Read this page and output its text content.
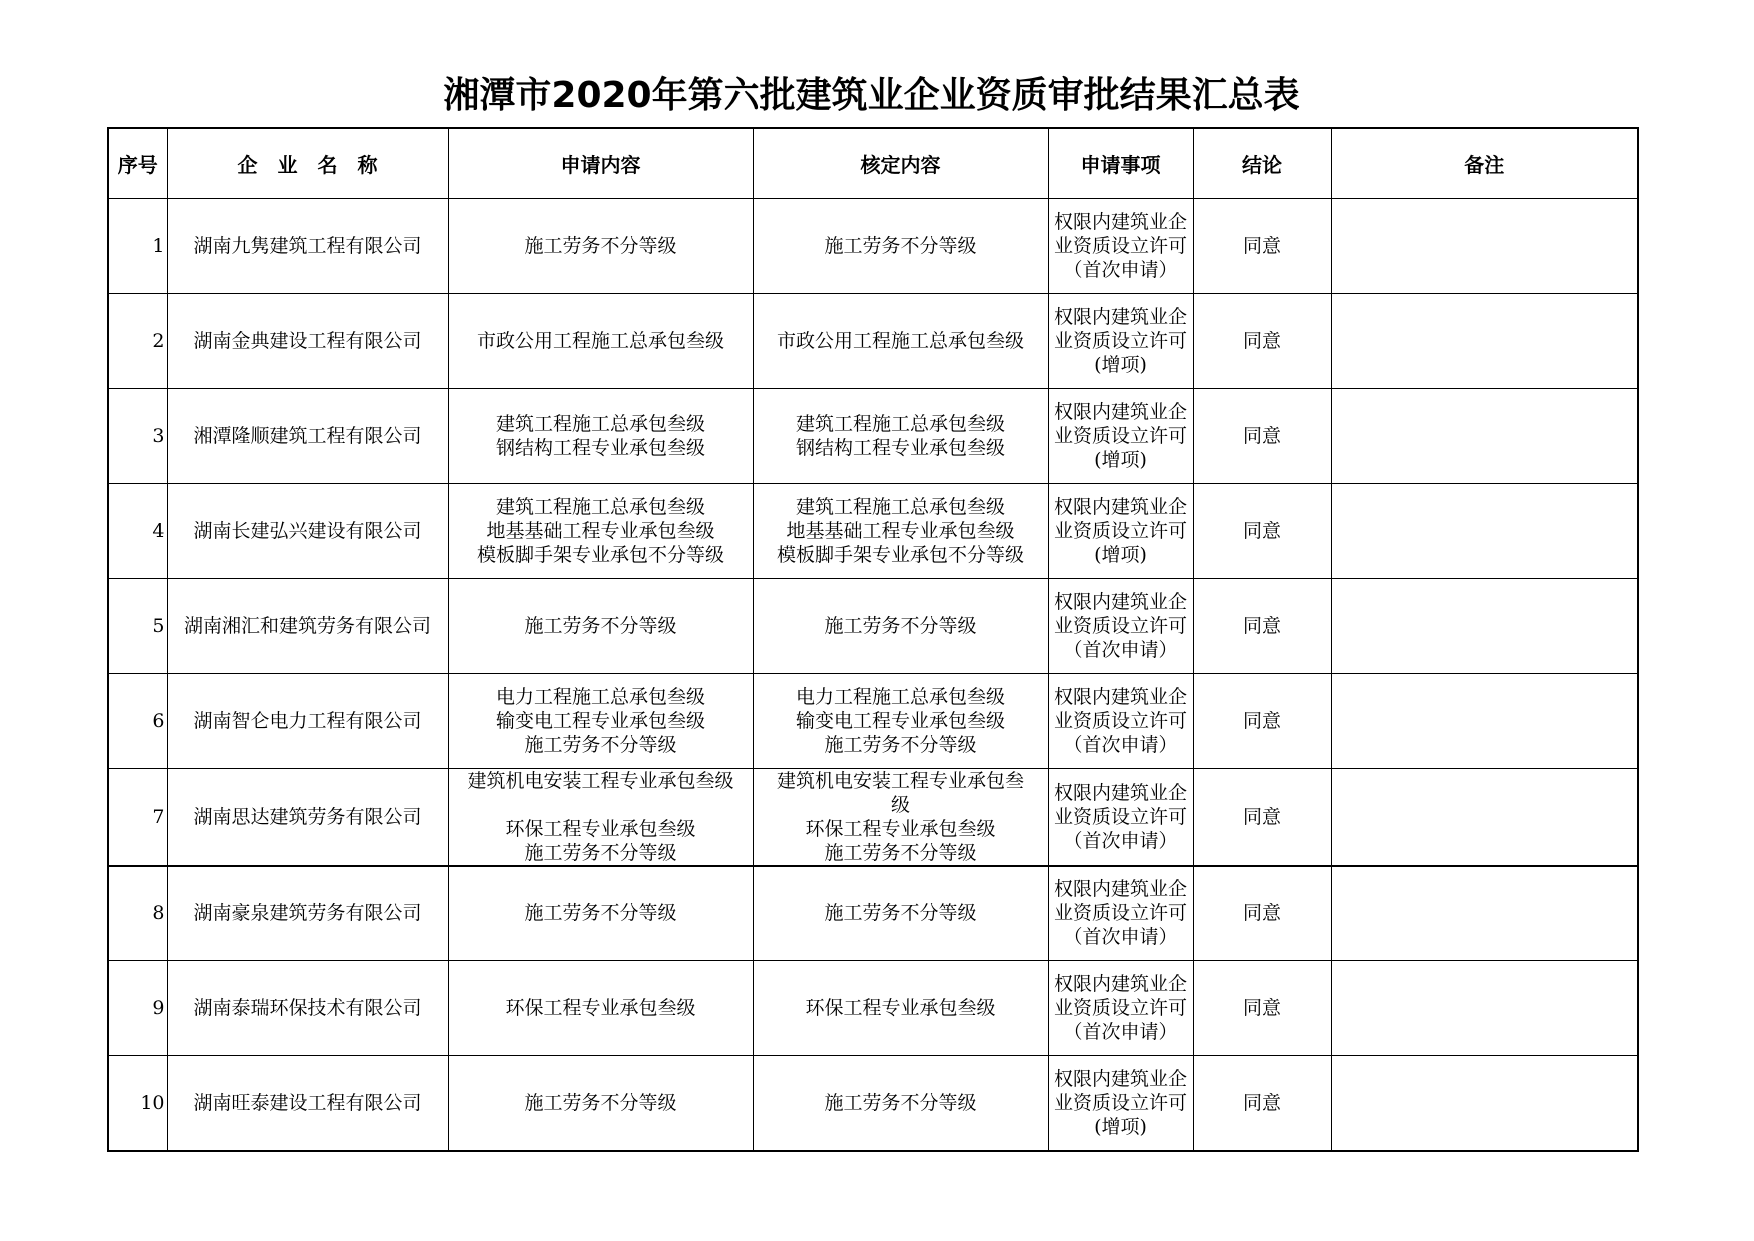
湘潭市2020年第六批建筑业企业资质审批结果汇总表
序号	企　业　名　称	申请内容	核定内容	申请事项	结论	备注
1	湖南九隽建筑工程有限公司	施工劳务不分等级	施工劳务不分等级	权限内建筑业企业资质设立许可（首次申请）	同意	
2	湖南金典建设工程有限公司	市政公用工程施工总承包叁级	市政公用工程施工总承包叁级	权限内建筑业企业资质设立许可(增项)	同意	
3	湘潭隆顺建筑工程有限公司	建筑工程施工总承包叁级
钢结构工程专业承包叁级	建筑工程施工总承包叁级
钢结构工程专业承包叁级	权限内建筑业企业资质设立许可(增项)	同意	
4	湖南长建弘兴建设有限公司	建筑工程施工总承包叁级
地基基础工程专业承包叁级
模板脚手架专业承包不分等级	建筑工程施工总承包叁级
地基基础工程专业承包叁级
模板脚手架专业承包不分等级	权限内建筑业企业资质设立许可(增项)	同意	
5	湖南湘汇和建筑劳务有限公司	施工劳务不分等级	施工劳务不分等级	权限内建筑业企业资质设立许可（首次申请）	同意	
6	湖南智仑电力工程有限公司	电力工程施工总承包叁级
输变电工程专业承包叁级
施工劳务不分等级	电力工程施工总承包叁级
输变电工程专业承包叁级
施工劳务不分等级	权限内建筑业企业资质设立许可（首次申请）	同意	
7	湖南思达建筑劳务有限公司	建筑机电安装工程专业承包叁级

环保工程专业承包叁级
施工劳务不分等级	建筑机电安装工程专业承包叁
级
环保工程专业承包叁级
施工劳务不分等级	权限内建筑业企业资质设立许可（首次申请）	同意	
8	湖南豪泉建筑劳务有限公司	施工劳务不分等级	施工劳务不分等级	权限内建筑业企业资质设立许可（首次申请）	同意	
9	湖南泰瑞环保技术有限公司	环保工程专业承包叁级	环保工程专业承包叁级	权限内建筑业企业资质设立许可（首次申请）	同意	
10	湖南旺泰建设工程有限公司	施工劳务不分等级	施工劳务不分等级	权限内建筑业企业资质设立许可(增项)	同意	
